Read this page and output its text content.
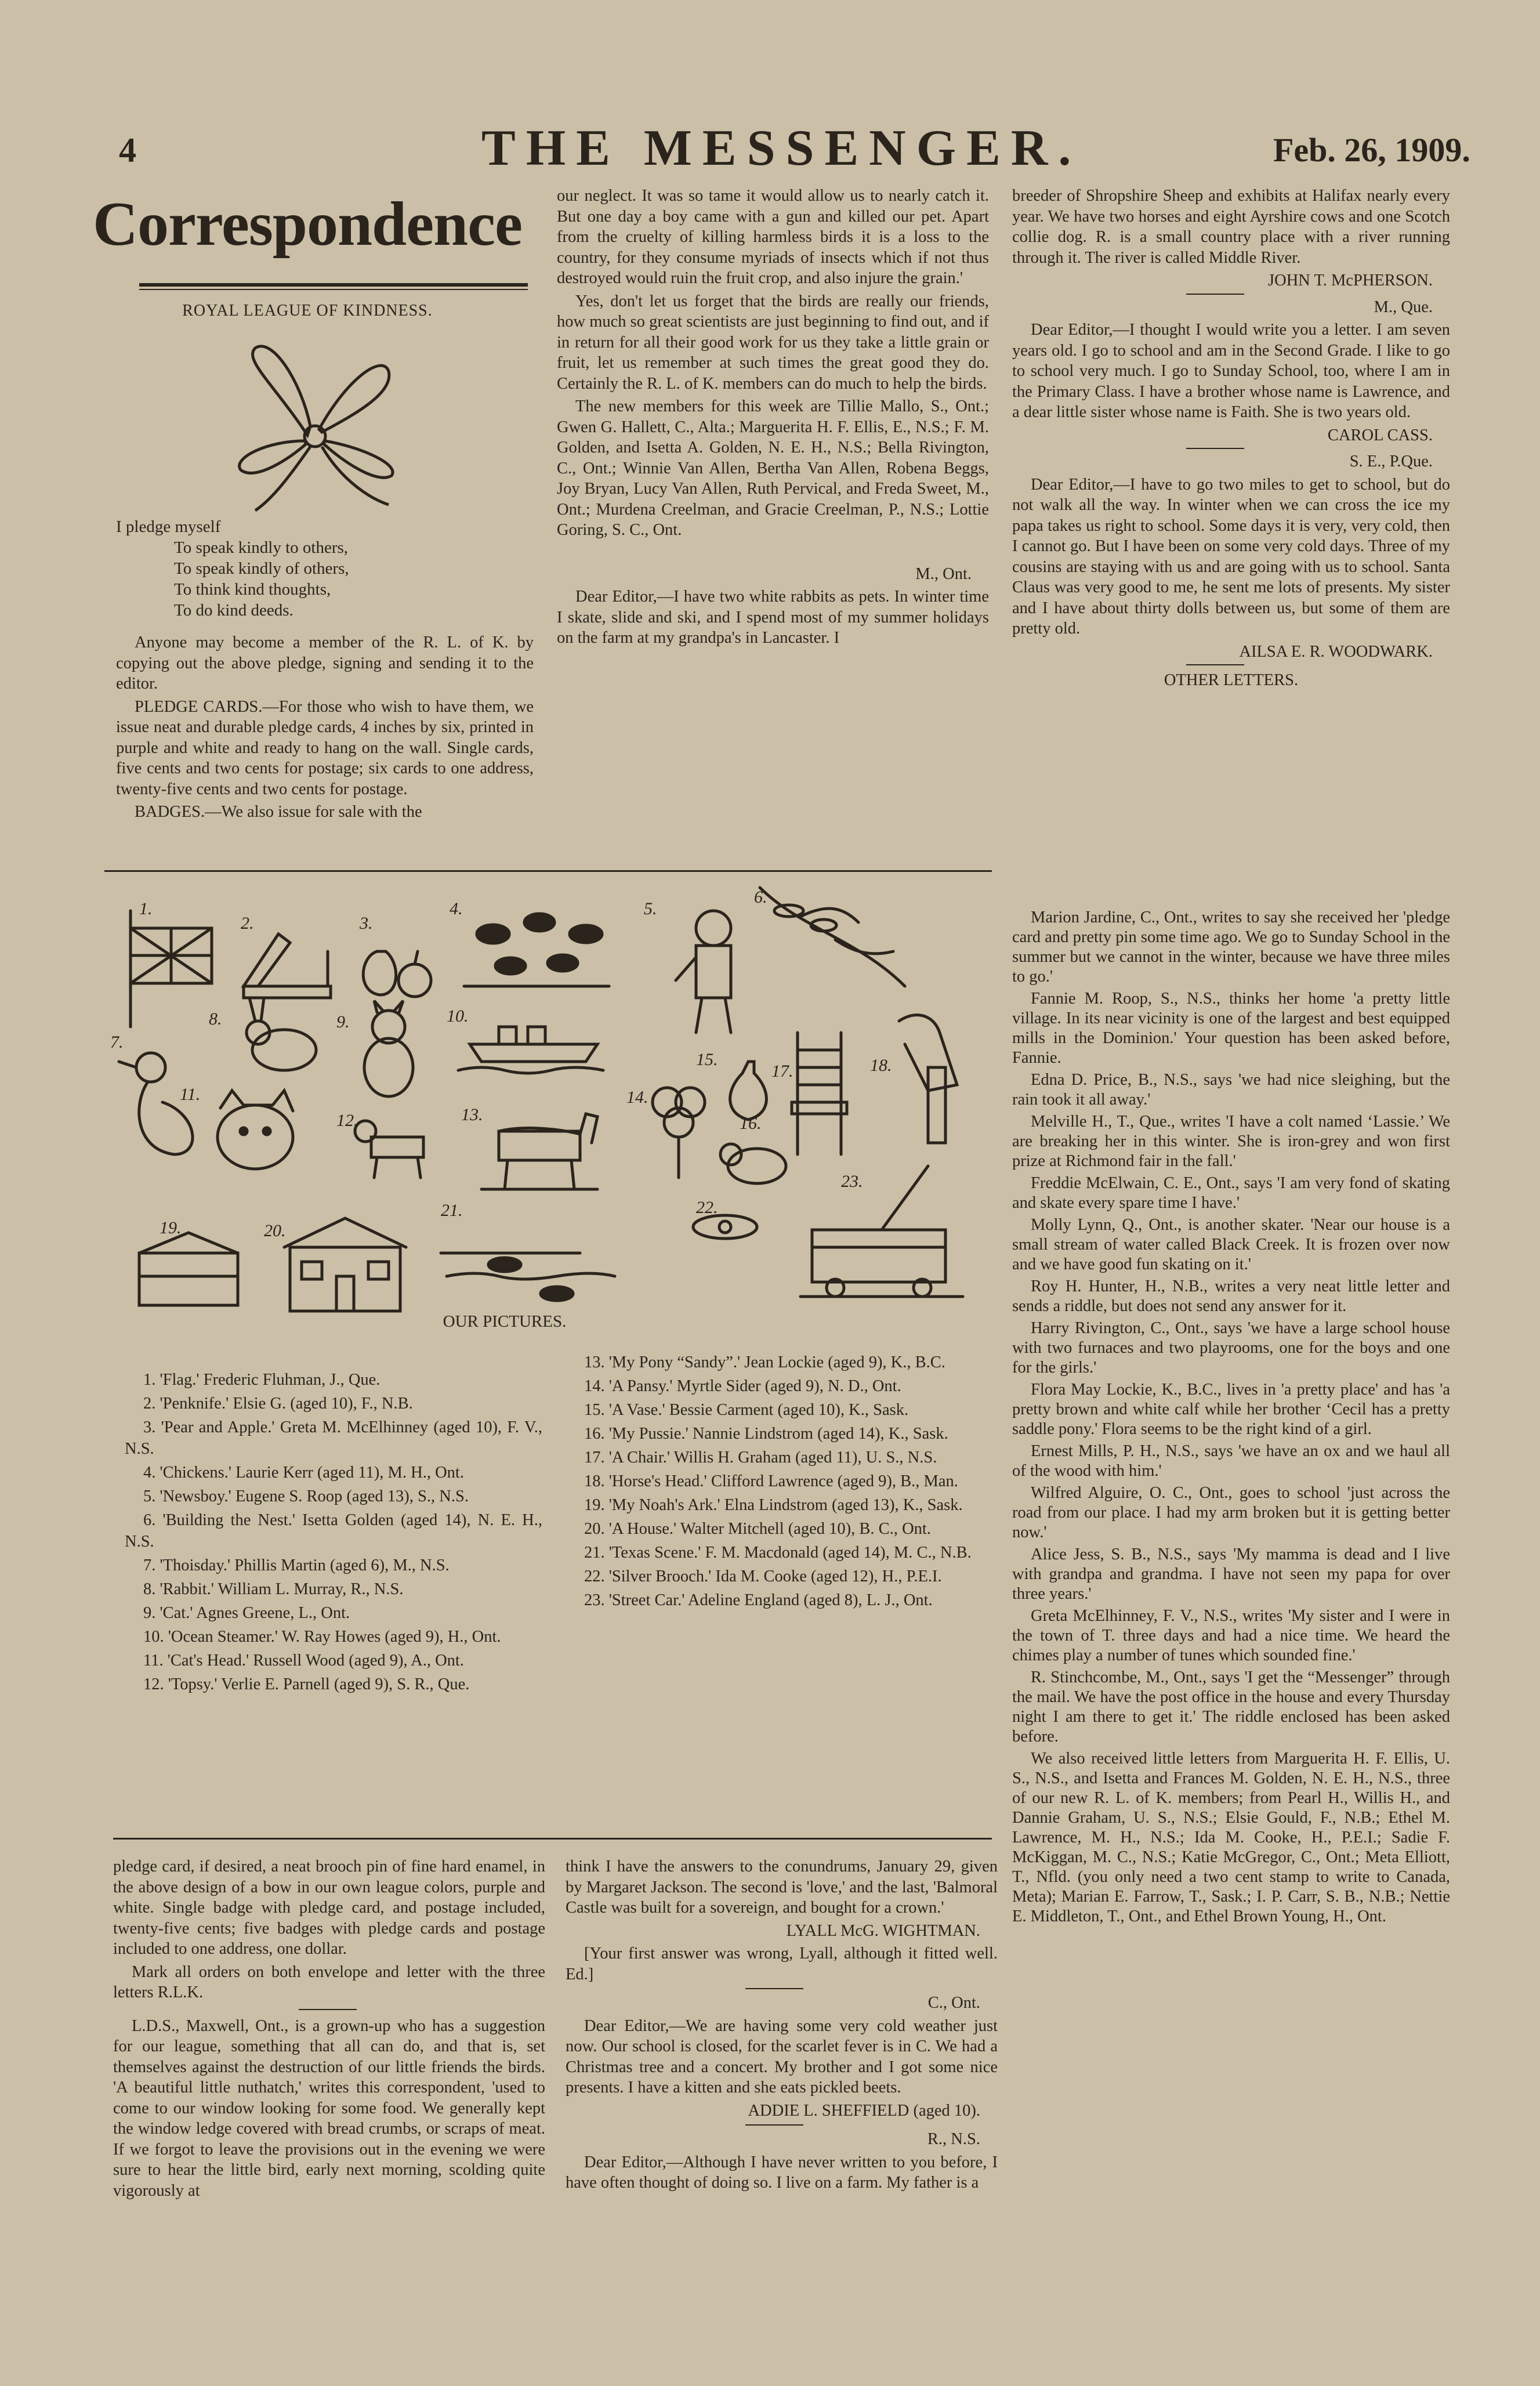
4	THE MESSENGER.	Feb. 26, 1909.
Correspondence
ROYAL LEAGUE OF KINDNESS.
I pledge myself
To speak kindly to others,
To speak kindly of others,
To think kind thoughts,
To do kind deeds.

Anyone may become a member of the R. L. of K. by copying out the above pledge, signing and sending it to the editor.

PLEDGE CARDS.—For those who wish to have them, we issue neat and durable pledge cards, 4 inches by six, printed in purple and white and ready to hang on the wall. Single cards, five cents and two cents for postage; six cards to one address, twenty-five cents and two cents for postage.

BADGES.—We also issue for sale with the

our neglect. It was so tame it would allow us to nearly catch it. But one day a boy came with a gun and killed our pet. Apart from the cruelty of killing harmless birds it is a loss to the country, for they consume myriads of insects which if not thus destroyed would ruin the fruit crop, and also injure the grain.'

Yes, don't let us forget that the birds are really our friends, how much so great scientists are just beginning to find out, and if in return for all their good work for us they take a little grain or fruit, let us remember at such times the great good they do. Certainly the R. L. of K. members can do much to help the birds.

The new members for this week are Tillie Mallo, S., Ont.; Gwen G. Hallett, C., Alta.; Marguerita H. F. Ellis, E., N.S.; F. M. Golden, and Isetta A. Golden, N. E. H., N.S.; Bella Rivington, C., Ont.; Winnie Van Allen, Bertha Van Allen, Robena Beggs, Joy Bryan, Lucy Van Allen, Ruth Pervical, and Freda Sweet, M., Ont.; Murdena Creelman, and Gracie Creelman, P., N.S.; Lottie Goring, S. C., Ont.

M., Ont.

Dear Editor,—I have two white rabbits as pets. In winter time I skate, slide and ski, and I spend most of my summer holidays on the farm at my grandpa's in Lancaster. I

breeder of Shropshire Sheep and exhibits at Halifax nearly every year. We have two horses and eight Ayrshire cows and one Scotch collie dog. R. is a small country place with a river running through it. The river is called Middle River.

JOHN T. McPHERSON.

M., Que.

Dear Editor,—I thought I would write you a letter. I am seven years old. I go to school and am in the Second Grade. I like to go to school very much. I go to Sunday School, too, where I am in the Primary Class. I have a brother whose name is Lawrence, and a dear little sister whose name is Faith. She is two years old.

CAROL CASS.

S. E., P.Que.

Dear Editor,—I have to go two miles to get to school, but do not walk all the way. In winter when we can cross the ice my papa takes us right to school. Some days it is very, very cold, then I cannot go. But I have been on some very cold days. Three of my cousins are staying with us and are going with us to school. Santa Claus was very good to me, he sent me lots of presents. My sister and I have about thirty dolls between us, but some of them are pretty old.

AILSA E. R. WOODWARK.

OTHER LETTERS.

Marion Jardine, C., Ont., writes to say she received her 'pledge card and pretty pin some time ago. We go to Sunday School in the summer but we cannot in the winter, because we have three miles to go.'

Fannie M. Roop, S., N.S., thinks her home 'a pretty little village. In its near vicinity is one of the largest and best equipped mills in the Dominion.' Your question has been asked before, Fannie.

Edna D. Price, B., N.S., says 'we had nice sleighing, but the rain took it all away.'

Melville H., T., Que., writes 'I have a colt named ‘Lassie.’ We are breaking her in this winter. She is iron-grey and won first prize at Richmond fair in the fall.'

Freddie McElwain, C. E., Ont., says 'I am very fond of skating and skate every spare time I have.'

Molly Lynn, Q., Ont., is another skater. 'Near our house is a small stream of water called Black Creek. It is frozen over now and we have good fun skating on it.'

Roy H. Hunter, H., N.B., writes a very neat little letter and sends a riddle, but does not send any answer for it.

Harry Rivington, C., Ont., says 'we have a large school house with two furnaces and two playrooms, one for the boys and one for the girls.'

Flora May Lockie, K., B.C., lives in 'a pretty place' and has 'a pretty brown and white calf while her brother ‘Cecil has a pretty saddle pony.' Flora seems to be the right kind of a girl.

Ernest Mills, P. H., N.S., says 'we have an ox and we haul all of the wood with him.'

Wilfred Alguire, O. C., Ont., goes to school 'just across the road from our place. I had my arm broken but it is getting better now.'

Alice Jess, S. B., N.S., says 'My mamma is dead and I live with grandpa and grandma. I have not seen my papa for over three years.'

Greta McElhinney, F. V., N.S., writes 'My sister and I were in the town of T. three days and had a nice time. We heard the chimes play a number of tunes which sounded fine.'

R. Stinchcombe, M., Ont., says 'I get the “Messenger” through the mail. We have the post office in the house and every Thursday night I am there to get it.' The riddle enclosed has been asked before.

We also received little letters from Marguerita H. F. Ellis, U. S., N.S., and Isetta and Frances M. Golden, N. E. H., N.S., three of our new R. L. of K. members; from Pearl H., Willis H., and Dannie Graham, U. S., N.S.; Elsie Gould, F., N.B.; Ethel M. Lawrence, M. H., N.S.; Ida M. Cooke, H., P.E.I.; Sadie F. McKiggan, M. C., N.S.; Katie McGregor, C., Ont.; Meta Elliott, T., Nfld. (you only need a two cent stamp to write to Canada, Meta); Marian E. Farrow, T., Sask.; I. P. Carr, S. B., N.B.; Nettie E. Middleton, T., Ont., and Ethel Brown Young, H., Ont.

1.
2.	3.
4.	5.
6.
7.
8.	9.	10.
11.
12.	13.
14.
15.
16.
17.	18.
19.	20.
21.	22.
23.
OUR PICTURES.

1. 'Flag.' Frederic Fluhman, J., Que.

2. 'Penknife.' Elsie G. (aged 10), F., N.B.

3. 'Pear and Apple.' Greta M. McElhinney (aged 10), F. V., N.S.

4. 'Chickens.' Laurie Kerr (aged 11), M. H., Ont.

5. 'Newsboy.' Eugene S. Roop (aged 13), S., N.S.

6. 'Building the Nest.' Isetta Golden (aged 14), N. E. H., N.S.

7. 'Thoisday.' Phillis Martin (aged 6), M., N.S.

8. 'Rabbit.' William L. Murray, R., N.S.

9. 'Cat.' Agnes Greene, L., Ont.

10. 'Ocean Steamer.' W. Ray Howes (aged 9), H., Ont.

11. 'Cat's Head.' Russell Wood (aged 9), A., Ont.

12. 'Topsy.' Verlie E. Parnell (aged 9), S. R., Que.

13. 'My Pony “Sandy”.' Jean Lockie (aged 9), K., B.C.

14. 'A Pansy.' Myrtle Sider (aged 9), N. D., Ont.

15. 'A Vase.' Bessie Carment (aged 10), K., Sask.

16. 'My Pussie.' Nannie Lindstrom (aged 14), K., Sask.

17. 'A Chair.' Willis H. Graham (aged 11), U. S., N.S.

18. 'Horse's Head.' Clifford Lawrence (aged 9), B., Man.

19. 'My Noah's Ark.' Elna Lindstrom (aged 13), K., Sask.

20. 'A House.' Walter Mitchell (aged 10), B. C., Ont.

21. 'Texas Scene.' F. M. Macdonald (aged 14), M. C., N.B.

22. 'Silver Brooch.' Ida M. Cooke (aged 12), H., P.E.I.

23. 'Street Car.' Adeline England (aged 8), L. J., Ont.

pledge card, if desired, a neat brooch pin of fine hard enamel, in the above design of a bow in our own league colors, purple and white. Single badge with pledge card, and postage included, twenty-five cents; five badges with pledge cards and postage included to one address, one dollar.

Mark all orders on both envelope and letter with the three letters R.L.K.

L.D.S., Maxwell, Ont., is a grown-up who has a suggestion for our league, something that all can do, and that is, set themselves against the destruction of our little friends the birds. 'A beautiful little nuthatch,' writes this correspondent, 'used to come to our window looking for some food. We generally kept the window ledge covered with bread crumbs, or scraps of meat. If we forgot to leave the provisions out in the evening we were sure to hear the little bird, early next morning, scolding quite vigorously at

think I have the answers to the conundrums, January 29, given by Margaret Jackson. The second is 'love,' and the last, 'Balmoral Castle was built for a sovereign, and bought for a crown.'

LYALL McG. WIGHTMAN.

[Your first answer was wrong, Lyall, although it fitted well. Ed.]

C., Ont.

Dear Editor,—We are having some very cold weather just now. Our school is closed, for the scarlet fever is in C. We had a Christmas tree and a concert. My brother and I got some nice presents. I have a kitten and she eats pickled beets.

ADDIE L. SHEFFIELD (aged 10).

R., N.S.

Dear Editor,—Although I have never written to you before, I have often thought of doing so. I live on a farm. My father is a
